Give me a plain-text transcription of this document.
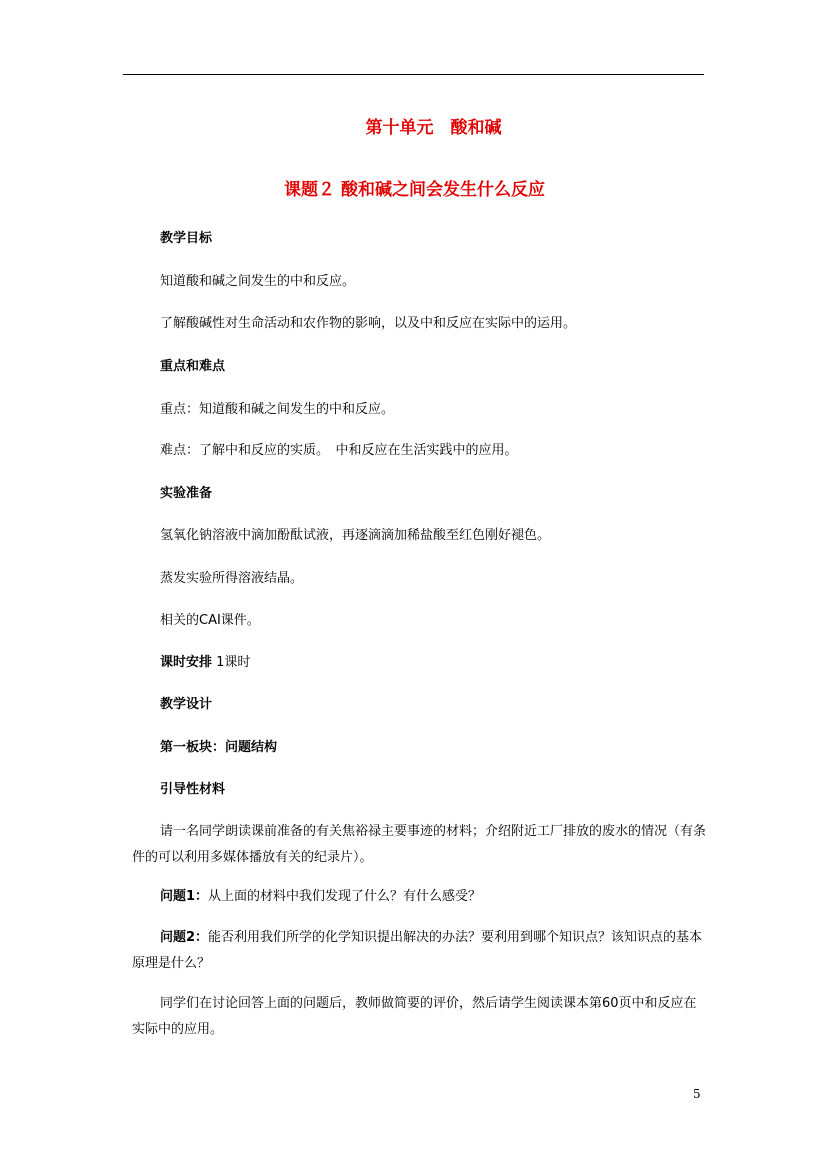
第十单元　酸和碱
课题２ 酸和碱之间会发生什么反应
教学目标
知道酸和碱之间发生的中和反应。
了解酸碱性对生命活动和农作物的影响，以及中和反应在实际中的运用。
重点和难点
重点：知道酸和碱之间发生的中和反应。
难点：了解中和反应的实质。　中和反应在生活实践中的应用。
实验准备
氢氧化钠溶液中滴加酚酞试液，再逐滴滴加稀盐酸至红色刚好褪色。
蒸发实验所得溶液结晶。
相关的CAI课件。
课时安排 1课时
教学设计
第一板块：问题结构
引导性材料
请一名同学朗读课前准备的有关焦裕禄主要事迹的材料；介绍附近工厂排放的废水的情况（有条件的可以利用多媒体播放有关的纪录片）。
问题1：从上面的材料中我们发现了什么？有什么感受？
问题2：能否利用我们所学的化学知识提出解决的办法？要利用到哪个知识点？该知识点的基本原理是什么？
同学们在讨论回答上面的问题后，教师做简要的评价，然后请学生阅读课本第60页中和反应在实际中的应用。
5
